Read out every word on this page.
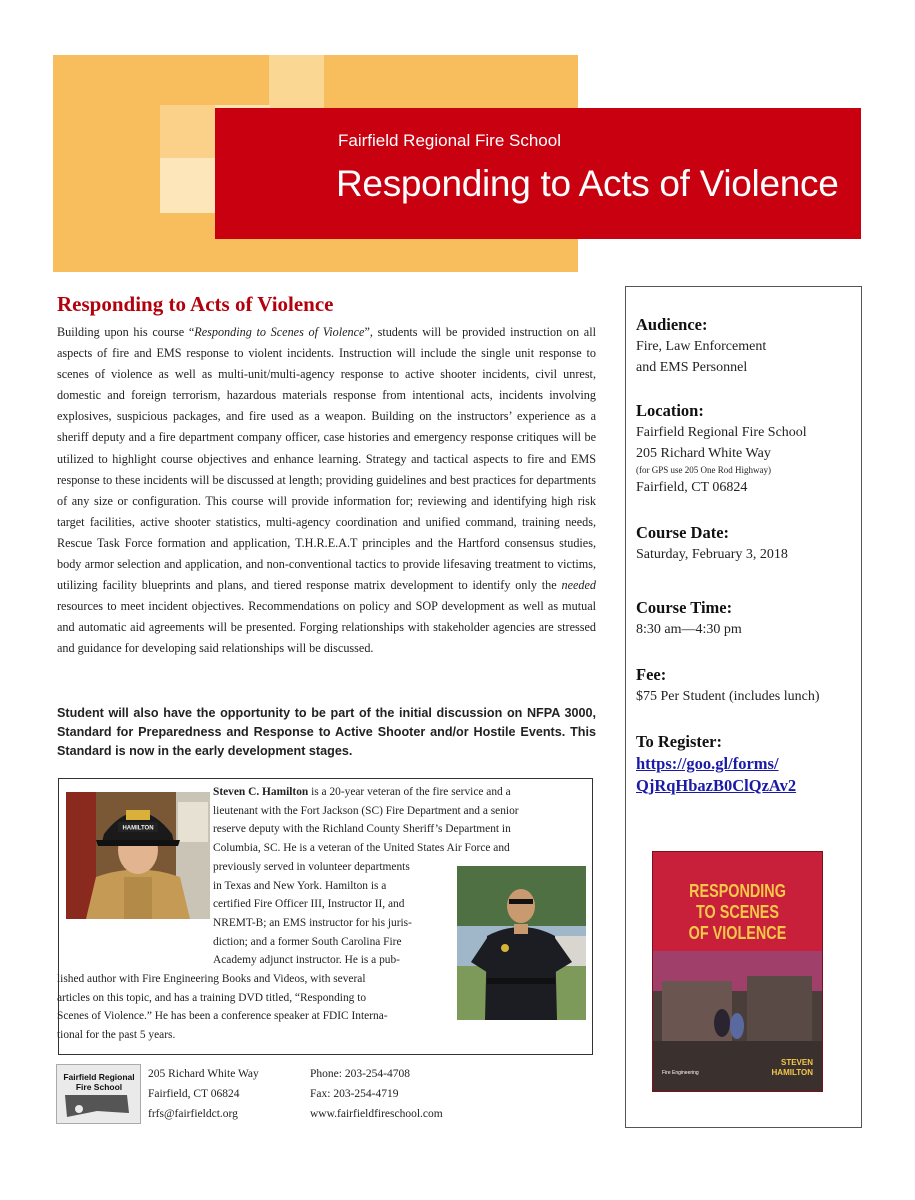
Fairfield Regional Fire School
Responding to Acts of Violence
Responding to Acts of Violence

Building upon his course “Responding to Scenes of Violence”, students will be provided instruction on all aspects of fire and EMS response to violent incidents. Instruction will include the single unit response to scenes of violence as well as multi-unit/multi-agency response to active shooter incidents, civil unrest, domestic and foreign terrorism, hazardous materials response from intentional acts, incidents involving explosives, suspicious packages, and fire used as a weapon. Building on the instructors’ experience as a sheriff deputy and a fire department company officer, case histories and emergency response critiques will be utilized to highlight course objectives and enhance learning. Strategy and tactical aspects to fire and EMS response to these incidents will be discussed at length; providing guidelines and best practices for departments of any size or configuration. This course will provide information for; reviewing and identifying high risk target facilities, active shooter statistics, multi-agency coordination and unified command, training needs, Rescue Task Force formation and application, T.H.R.E.A.T principles and the Hartford consensus studies, body armor selection and application, and non-conventional tactics to provide lifesaving treatment to victims, utilizing facility blueprints and plans, and tiered response matrix development to identify only the needed resources to meet incident objectives. Recommendations on policy and SOP development as well as mutual and automatic aid agreements will be presented. Forging relationships with stakeholder agencies are stressed and guidance for developing said relationships will be discussed.

Student will also have the opportunity to be part of the initial discussion on NFPA 3000, Standard for Preparedness and Response to Active Shooter and/or Hostile Events. This Standard is now in the early development stages.
HAMILTON
Steven C. Hamilton is a 20-year veteran of the fire service and a
lieutenant with the Fort Jackson (SC) Fire Department and a senior
reserve deputy with the Richland County Sheriff’s Department in
Columbia, SC. He is a veteran of the United States Air Force and
previously served in volunteer departments
in Texas and New York. Hamilton is a
certified Fire Officer III, Instructor II, and
NREMT-B; an EMS instructor for his juris-
diction; and a former South Carolina Fire
Academy adjunct instructor. He is a pub-
lished author with Fire Engineering Books and Videos, with several
articles on this topic, and has a training DVD titled, “Responding to
Scenes of Violence.” He has been a conference speaker at FDIC Interna-
tional for the past 5 years.
Fairfield Regional Fire School
205 Richard White Way
Fairfield, CT 06824
frfs@fairfieldct.org
Phone: 203-254-4708
Fax: 203-254-4719
www.fairfieldfireschool.com
Audience:
Fire, Law Enforcement
and EMS Personnel
Location:
Fairfield Regional Fire School
205 Richard White Way
(for GPS use 205 One Rod Highway)
Fairfield, CT 06824
Course Date:
Saturday, February 3, 2018
Course Time:
8:30 am—4:30 pm
Fee:
$75 Per Student (includes lunch)
To Register:
https://goo.gl/forms/
QjRqHbazB0ClQzAv2
RESPONDING
TO SCENES
OF VIOLENCE
Fire Engineering
STEVEN
HAMILTON
